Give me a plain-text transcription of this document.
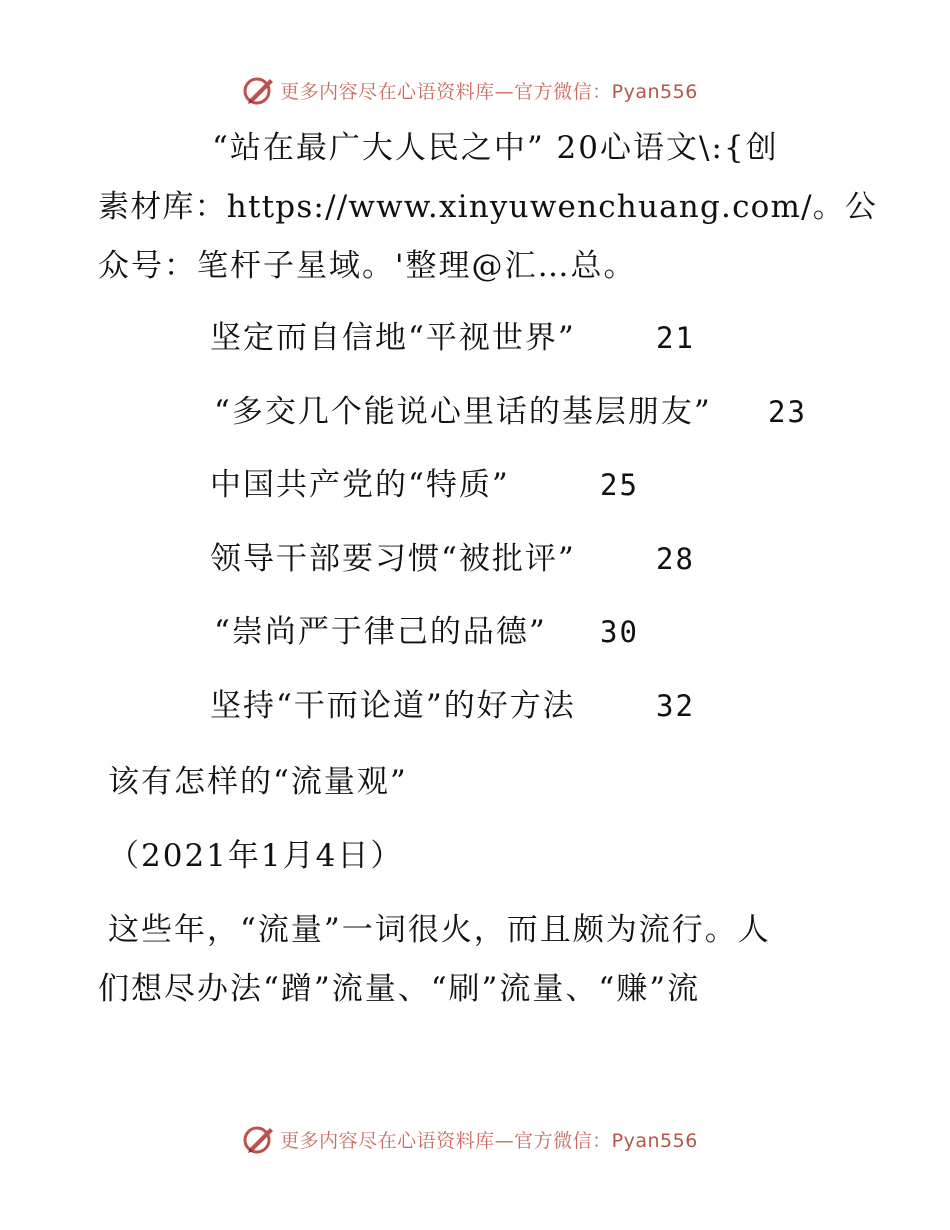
更多内容尽在心语资料库—官方微信：Pyan556
“站在最广大人民之中” 20心语文\:{创
素材库：https://www.xinyuwenchuang.com/。公
众号：笔杆子星域。'整理@汇…总。
坚定而自信地“平视世界”	21
“多交几个能说心里话的基层朋友” 23
中国共产党的“特质”	25
领导干部要习惯“被批评”	28
“崇尚严于律己的品德” 30
坚持“干而论道”的好方法	32
该有怎样的“流量观”
（2021年1月4日）
这些年，“流量”一词很火，而且颇为流行。人
们想尽办法“蹭”流量、“刷”流量、“赚”流
更多内容尽在心语资料库—官方微信：Pyan556
